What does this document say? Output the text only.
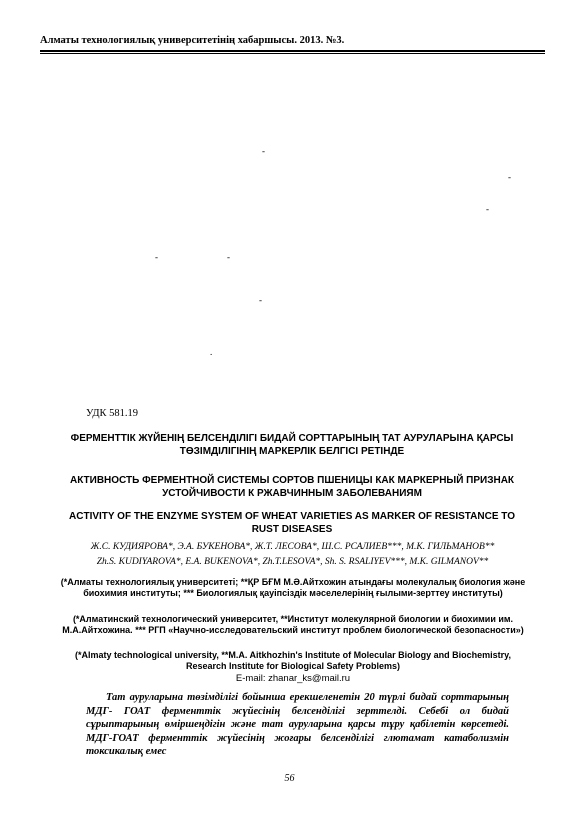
Алматы технологиялық университетінің хабаршысы. 2013. №3.
-
-
-
-	-
-
.
УДК 581.19
ФЕРМЕНТТІК ЖҮЙЕНІҢ БЕЛСЕНДІЛІГІ БИДАЙ СОРТТАРЫНЫҢ ТАТ АУРУЛАРЫНА ҚАРСЫ ТӨЗІМДІЛІГІНІҢ МАРКЕРЛІК БЕЛГІСІ РЕТІНДЕ
АКТИВНОСТЬ ФЕРМЕНТНОЙ СИСТЕМЫ СОРТОВ ПШЕНИЦЫ КАК МАРКЕРНЫЙ ПРИЗНАК УСТОЙЧИВОСТИ К РЖАВЧИННЫМ ЗАБОЛЕВАНИЯМ
ACTIVITY OF THE ENZYME SYSTEM OF WHEAT VARIETIES AS MARKER OF RESISTANCE TO RUST DISEASES
Ж.С. КУДИЯРОВА*, Э.А. БУКЕНОВА*, Ж.Т. ЛЕСОВА*, Ш.С. РСАЛИЕВ***, М.К. ГИЛЬМАНОВ**
Zh.S. KUDIYAROVA*, E.A. BUKENOVA*, Zh.T.LESOVA*, Sh. S. RSALIYEV***, M.K. GILMANOV**
(*Алматы технологиялық университеті; **ҚР БҒМ М.Ә.Айтхожин атындағы молекулалық биология және биохимия институты; *** Биологиялық қауіпсіздік мәселелерінің ғылыми-зерттеу институты)
(*Алматинский технологический университет, **Институт молекулярной биологии и биохимии им. М.А.Айтхожина. *** РГП «Научно-исследовательский институт проблем биологической безопасности»)
(*Almaty technological university, **M.A. Aitkhozhin's Institute of Molecular Biology and Biochemistry, Research Institute for Biological Safety Problems)
E-mail: zhanar_ks@mail.ru
Тат ауруларына төзімділігі бойынша ерекшеленетін 20 түрлі бидай сорттарының МДГ- ГОАТ ферменттік жүйесінің белсенділігі зерттелді. Себебі ол бидай сұрыптарының өміршеңдігін және тат ауруларына қарсы тұру қабілетін көрсетеді. МДГ-ГОАТ ферменттік жүйесінің жоғары белсенділігі глютамат катаболизмін токсикалық емес
56
